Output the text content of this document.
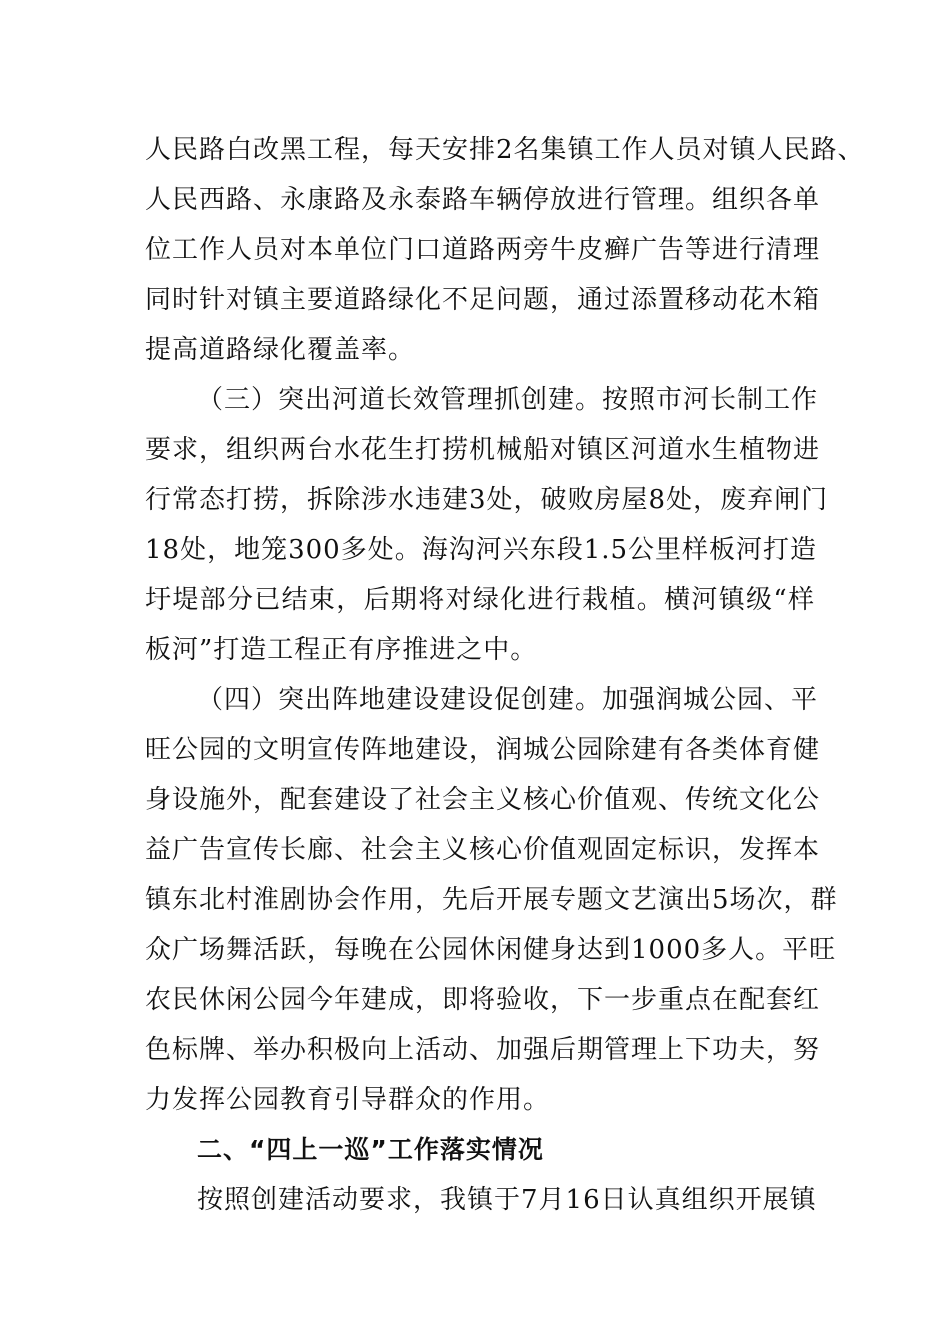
人民路白改黑工程，每天安排2名集镇工作人员对镇人民路、
人民西路、永康路及永泰路车辆停放进行管理。组织各单
位工作人员对本单位门口道路两旁牛皮癣广告等进行清理
同时针对镇主要道路绿化不足问题，通过添置移动花木箱
提高道路绿化覆盖率。
（三）突出河道长效管理抓创建。按照市河长制工作
要求，组织两台水花生打捞机械船对镇区河道水生植物进
行常态打捞，拆除涉水违建3处，破败房屋8处，废弃闸门
18处，地笼300多处。海沟河兴东段1.5公里样板河打造
圩堤部分已结束，后期将对绿化进行栽植。横河镇级“样
板河”打造工程正有序推进之中。
（四）突出阵地建设建设促创建。加强润城公园、平
旺公园的文明宣传阵地建设，润城公园除建有各类体育健
身设施外，配套建设了社会主义核心价值观、传统文化公
益广告宣传长廊、社会主义核心价值观固定标识，发挥本
镇东北村淮剧协会作用，先后开展专题文艺演出5场次，群
众广场舞活跃，每晚在公园休闲健身达到1000多人。平旺
农民休闲公园今年建成，即将验收，下一步重点在配套红
色标牌、举办积极向上活动、加强后期管理上下功夫，努
力发挥公园教育引导群众的作用。
二、“四上一巡”工作落实情况
按照创建活动要求，我镇于7月16日认真组织开展镇
